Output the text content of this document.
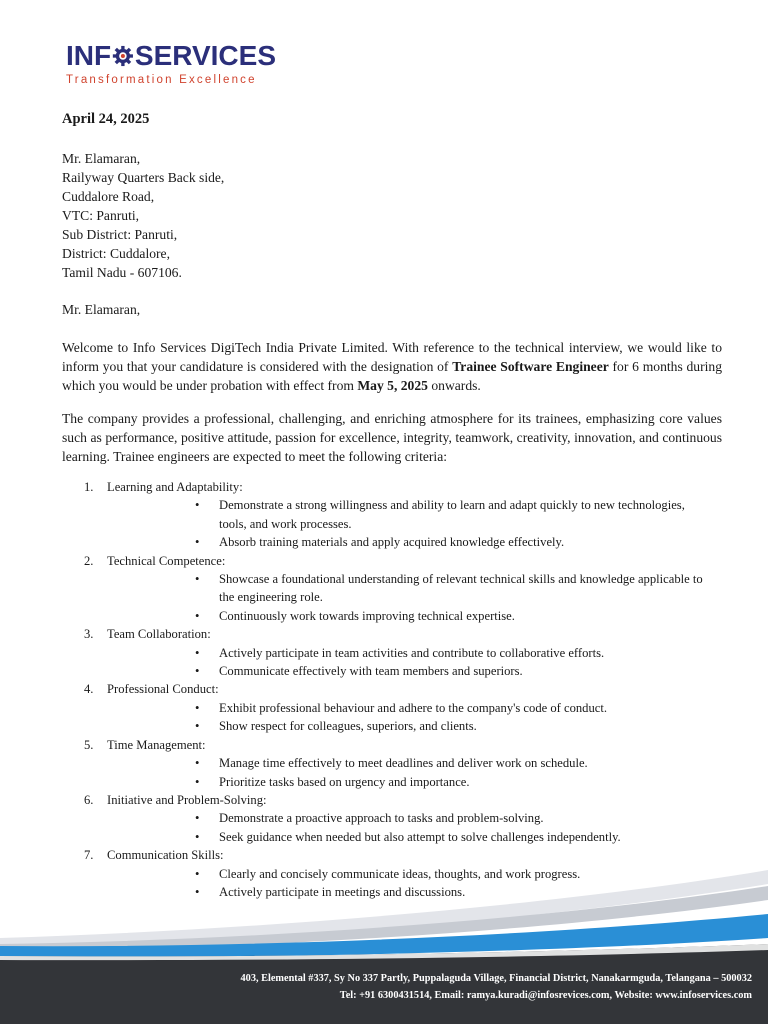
INF SERVICES
Transformation Excellence
April 24, 2025
Mr. Elamaran,
Railyway Quarters Back side,
Cuddalore Road,
VTC: Panruti,
Sub District: Panruti,
District: Cuddalore,
Tamil Nadu - 607106.

Mr. Elamaran,

Welcome to Info Services DigiTech India Private Limited. With reference to the technical interview, we would like to inform you that your candidature is considered with the designation of Trainee Software Engineer for 6 months during which you would be under probation with effect from May 5, 2025 onwards.

The company provides a professional, challenging, and enriching atmosphere for its trainees, emphasizing core values such as performance, positive attitude, passion for excellence, integrity, teamwork, creativity, innovation, and continuous learning. Trainee engineers are expected to meet the following criteria:

1. Learning and Adaptability:
• Demonstrate a strong willingness and ability to learn and adapt quickly to new technologies, tools, and work processes.
• Absorb training materials and apply acquired knowledge effectively.
2. Technical Competence:
• Showcase a foundational understanding of relevant technical skills and knowledge applicable to the engineering role.
• Continuously work towards improving technical expertise.
3. Team Collaboration:
• Actively participate in team activities and contribute to collaborative efforts.
• Communicate effectively with team members and superiors.
4. Professional Conduct:
• Exhibit professional behaviour and adhere to the company's code of conduct.
• Show respect for colleagues, superiors, and clients.
5. Time Management:
• Manage time effectively to meet deadlines and deliver work on schedule.
• Prioritize tasks based on urgency and importance.
6. Initiative and Problem-Solving:
• Demonstrate a proactive approach to tasks and problem-solving.
• Seek guidance when needed but also attempt to solve challenges independently.
7. Communication Skills:
• Clearly and concisely communicate ideas, thoughts, and work progress.
• Actively participate in meetings and discussions.
403, Elemental #337, Sy No 337 Partly, Puppalaguda Village, Financial District, Nanakarmguda, Telangana – 500032
Tel: +91 6300431514, Email: ramya.kuradi@infosrevices.com, Website: www.infoservices.com
